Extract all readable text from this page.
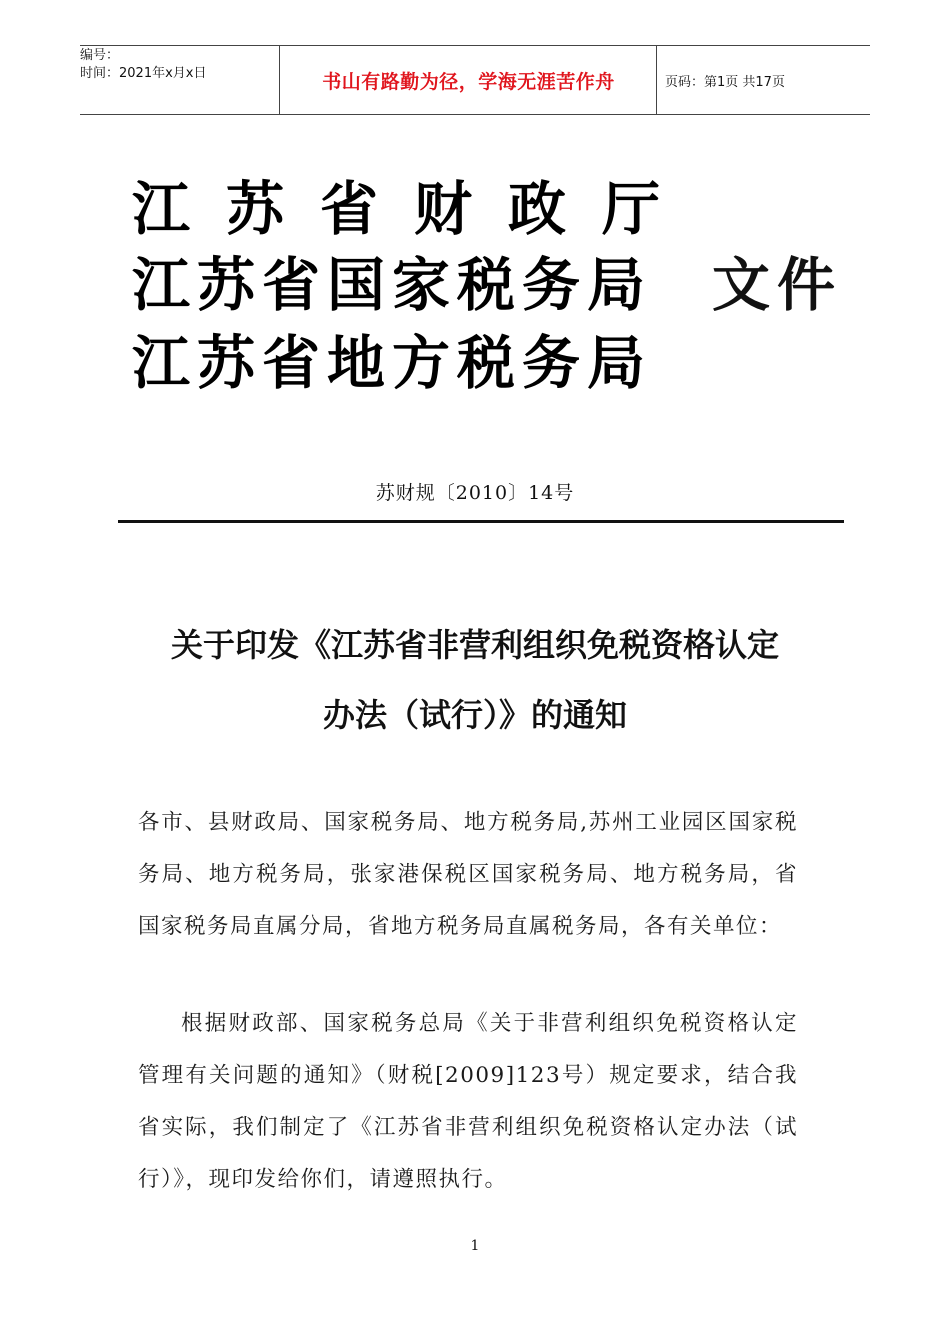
编号：
时间：2021年x月x日	书山有路勤为径，学海无涯苦作舟	页码：第1页 共17页
江苏省财政厅
江苏省国家税务局 文件
江苏省地方税务局
苏财规〔2010〕14号
关于印发《江苏省非营利组织免税资格认定
办法（试行）》的通知
各市、县财政局、国家税务局、地方税务局,苏州工业园区国家税务局、地方税务局，张家港保税区国家税务局、地方税务局，省国家税务局直属分局，省地方税务局直属税务局，各有关单位：
根据财政部、国家税务总局《关于非营利组织免税资格认定管理有关问题的通知》（财税[2009]123号）规定要求，结合我省实际，我们制定了《江苏省非营利组织免税资格认定办法（试行）》，现印发给你们，请遵照执行。
1
